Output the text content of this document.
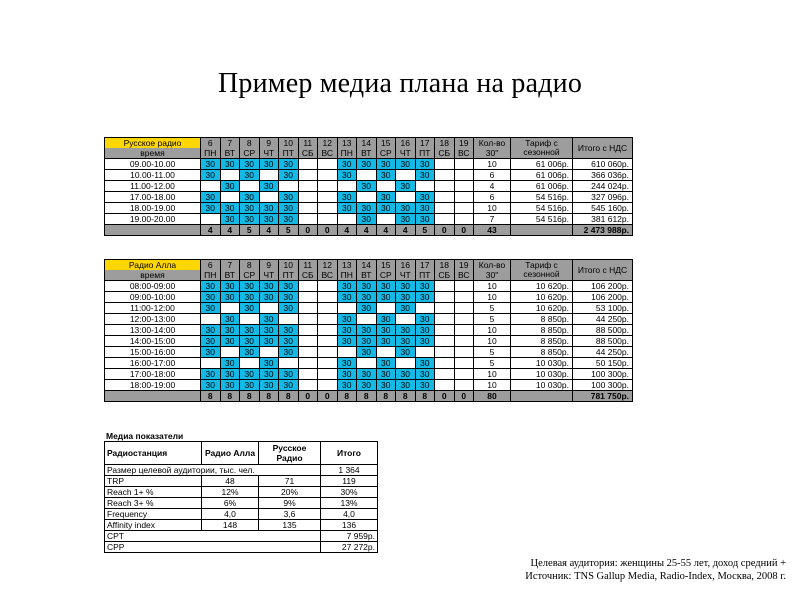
Пример медиа плана на радио
Русское радио	6	7	8	9	10	11	12	13	14	15	16	17	18	19	Кол-во	Тариф с сезонной	Итого с НДС
время	ПН	ВТ	СР	ЧТ	ПТ	СБ	ВС	ПН	ВТ	СР	ЧТ	ПТ	СБ	ВС	30"		
09.00-10.00	30	30	30	30	30			30	30	30	30	30			10	61 006р.	610 060р.
10.00-11.00	30		30		30			30		30		30			6	61 006р.	366 036р.
11.00-12.00		30		30					30		30				4	61 006р.	244 024р.
17.00-18.00	30		30		30			30		30		30			6	54 516р.	327 096р.
18.00-19.00	30	30	30	30	30			30	30	30	30	30			10	54 516р.	545 160р.
19.00-20.00		30	30	30	30				30		30	30			7	54 516р.	381 612р.
	4	4	5	4	5	0	0	4	4	4	4	5	0	0	43		2 473 988р.
Радио Алла	6	7	8	9	10	11	12	13	14	15	16	17	18	19	Кол-во	Тариф с сезонной	Итого с НДС
время	ПН	ВТ	СР	ЧТ	ПТ	СБ	ВС	ПН	ВТ	СР	ЧТ	ПТ	СБ	ВС	30"		
08:00-09:00	30	30	30	30	30			30	30	30	30	30			10	10 620р.	106 200р.
09:00-10:00	30	30	30	30	30			30	30	30	30	30			10	10 620р.	106 200р.
11:00-12:00	30		30		30				30		30				5	10 620р.	53 100р.
12:00-13:00		30		30				30		30		30			5	8 850р.	44 250р.
13:00-14:00	30	30	30	30	30			30	30	30	30	30			10	8 850р.	88 500р.
14:00-15:00	30	30	30	30	30			30	30	30	30	30			10	8 850р.	88 500р.
15:00-16:00	30		30		30				30		30				5	8 850р.	44 250р.
16:00-17:00		30		30				30		30		30			5	10 030р.	50 150р.
17:00-18:00	30	30	30	30	30			30	30	30	30	30			10	10 030р.	100 300р.
18:00-19:00	30	30	30	30	30			30	30	30	30	30			10	10 030р.	100 300р.
	8	8	8	8	8	0	0	8	8	8	8	8	0	0	80		781 750р.
Медиа показатели
Радиостанция	Радио Алла	Русское Радио	Итого
Размер целевой аудитории, тыс. чел.			1 364
TRP	48	71	119
Reach 1+ %	12%	20%	30%
Reach 3+ %	6%	9%	13%
Frequency	4,0	3,6	4,0
Affinity index	148	135	136
CPT			7 959р.
CPP			27 272р.
Целевая аудитория: женщины 25-55 лет, доход средний +
Источник: TNS Gallup Media, Radio-Index, Москва, 2008 г.
